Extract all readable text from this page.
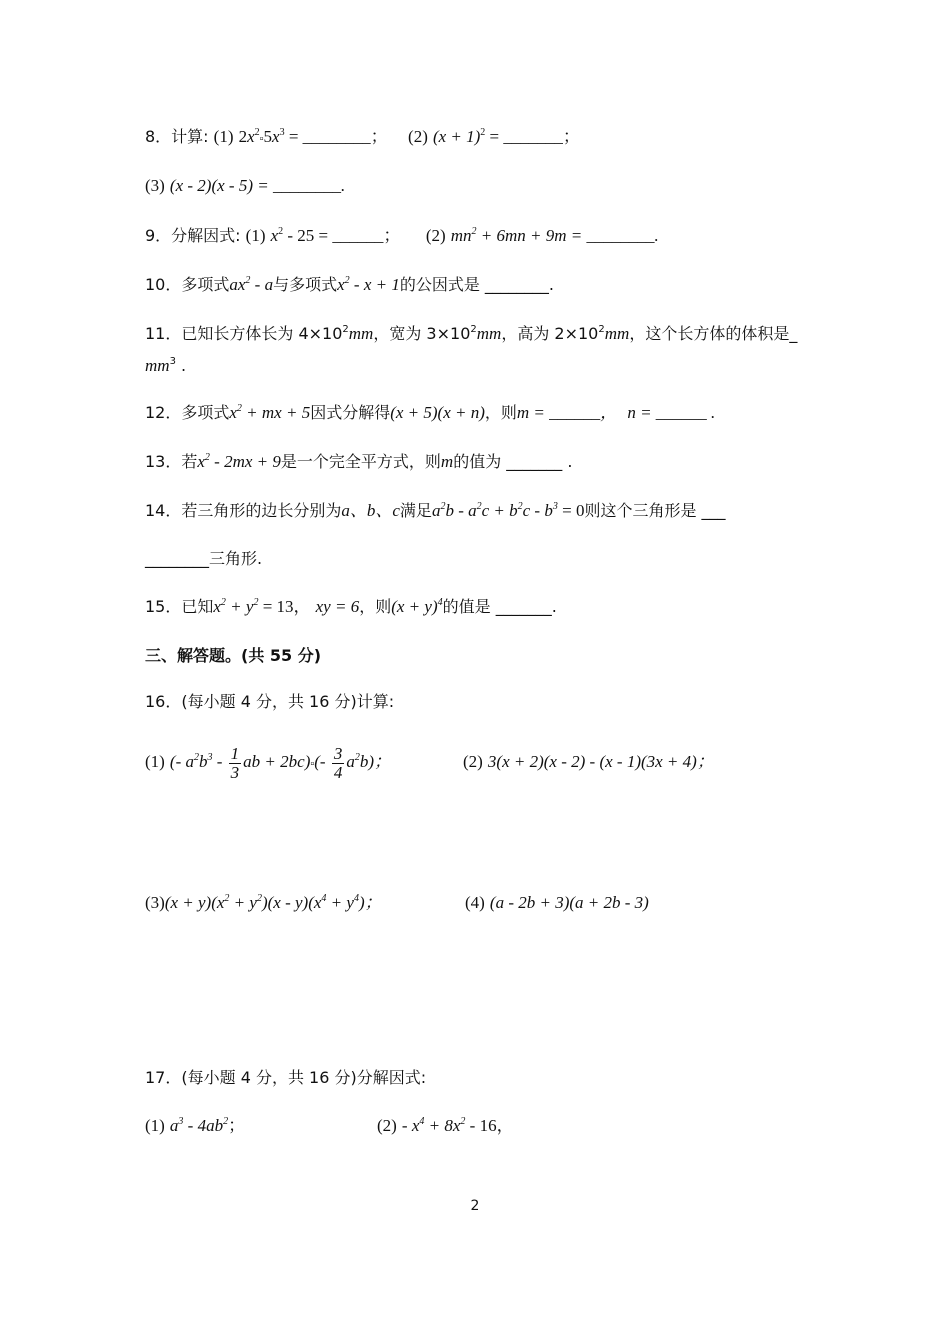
8．计算: (1) $2x^2▫5x^3$ = ________； (2) $(x + 1)^2$ = _______；
(3) (x - 2)(x - 5) = ________.
9．分解因式: (1) $x^2 - 25$ = ______； (2) $mn^2 + 6mn + 9m$ = ________.
10．多项式$ax^2$ - a与多项式$x^2 - x + 1$的公因式是 ________.
11．已知长方体长为 $4\times 10^2mm$，宽为 $3\times 10^2mm$，高为 $2\times 10^2mm$，这个长方体的体积是_
$mm^3$ .
12．多项式$x^2$ + mx + 5因式分解得(x + 5)(x + n)，则m = ______， n = ______ .
13．若$x^2 - 2mx + 9$是一个完全平方式，则m的值为 _______ .
14．若三角形的边长分别为a、b、c满足$a^2b - a^2c + b^2c - b^3 = 0$则这个三角形是 ___
________三角形.
15．已知$x^2 + y^2 = 13$， xy = 6，则$(x + y)^4$的值是 _______.
三、解答题。(共 55 分)
16．(每小题 4 分，共 16 分)计算:
(1) (- $a^2b^3 - \frac{1}{3}$ ab + 2bc)▫(- $\frac{3}{4} a^2b$)；	(2) 3(x + 2)(x - 2) - (x - 1)(3x + 4)；
$(3)(x + y)(x^2 + y^2)(x - y)(x^4 + y^4)$；	(4) (a - 2b + 3)(a + 2b - 3)
17．(每小题 4 分，共 16 分)分解因式:
(1) $a^3 - 4ab^2$；	$(2) - x^4 + 8x^2 - 16$，
2
